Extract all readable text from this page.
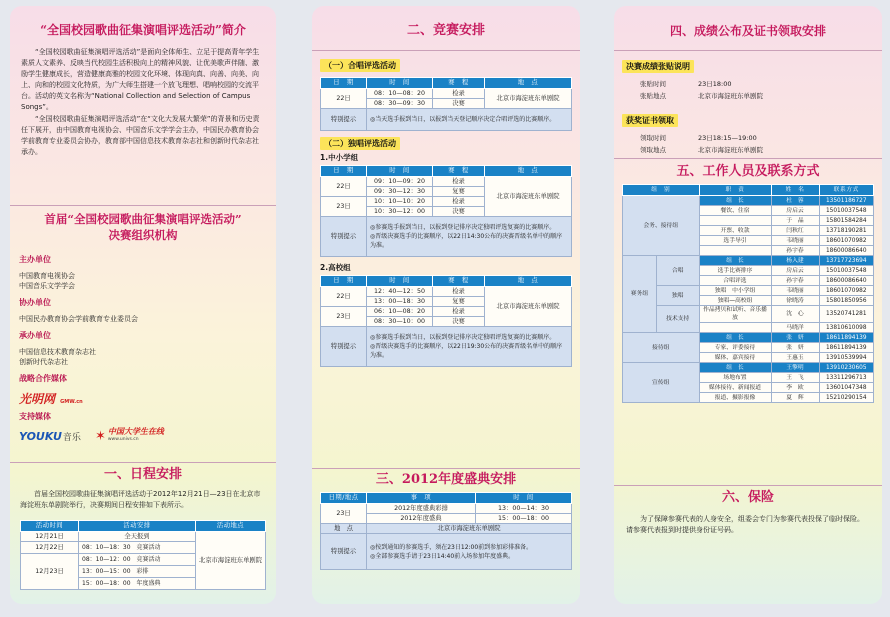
“全国校园歌曲征集演唱评选活动”简介
“全国校园歌曲征集演唱评选活动”是面向全体师生、立足于提高青年学生素质人文素养、反映当代校园生活积极向上的精神风貌、让优美歌声伴随、激励学生健康成长，营造健康高雅的校园文化环境、体现向真、向善、向美、向上、向和的校园文化特质，为广大师生搭建一个放飞理想、唱响校园的交流平台。活动的英文名称为“National Collection and Selection of Campus Songs”。
“全国校园歌曲征集演唱评选活动”在“文化大发展大繁荣”的背景和历史责任下展开，由中国教育电视协会、中国音乐文学学会主办，中国民办教育协会学前教育专业委员会协办，教育部中国信息技术教育杂志社和创新时代杂志社承办。
首届“全国校园歌曲征集演唱评选活动”
决赛组织机构
主办单位
中国教育电视协会
中国音乐文学学会
协办单位
中国民办教育协会学前教育专业委员会
承办单位
中国信息技术教育杂志社
创新时代杂志社
战略合作媒体
光明网 GMW.cn
支持媒体
YOUKU 音乐 ✶ 中国大学生在线
www.univs.cn
一、日程安排
首届全国校园歌曲征集演唱评选活动于2012年12月21日—23日在北京市海淀班东单剧院举行，决赛期间日程安排如下表所示。
活动时间	活动安排	活动地点
12月21日	全天报到	北京市海淀班东单剧院
12月22日	08：10—18：30　竞赛活动	
12月23日	08：10—12：00　竞赛活动	
	13：00—15：00　彩排	
	15：00—18：00　年度盛典	
二、竞赛安排
（一）合唱评选活动
日　期	时　间	赛　程	地　点
22日	08：10—08：20	检录	北京市海淀班东单剧院
	08：30—09：30	决赛	
特别提示	◎当天选手报到当日，以报到当天登记顺序决定合唱评选的比赛顺序。		
（二）独唱评选活动
1.中小学组
日　期	时　间	赛　程	地　点
22日	09：10—09：20	检录	北京市海淀班东单剧院
	09：30—12：30	复赛	
23日	10：10—10：20	检录	
	10：30—12：00	决赛	
特别提示	◎参赛选手报到当日，以报到登记排序决定独唱评选复赛的比赛顺序。
◎晋级决赛选手的比赛顺序，以22日14:30公布的决赛晋级名单中的顺序为准。		
2.高校组
日　期	时　间	赛　程	地　点
22日	12：40—12：50	检录	北京市海淀班东单剧院
	13：00—18：30	复赛	
23日	06：10—08：20	检录	
	08：30—10：00	决赛	
特别提示	◎参赛选手报到当日，以报到登记排序决定独唱评选复赛的比赛顺序。
◎晋级决赛选手的比赛顺序，以22日19:30公布的决赛晋级名单中的顺序为准。		
三、2012年度盛典安排
日期/地点	事　项	时　间
23日	2012年度盛典彩排	13：00—14：30
	2012年度盛典	15：00—18：00
地　点	北京市海淀班东单剧院	
特别提示	◎按到通知的参赛选手，须在23日12:00前到参加彩排准备。
◎全部参赛选手请于23日14:40前入场参加年度盛典。	
四、成绩公布及证书领取安排
决赛成绩张贴说明
张贴时间	23日18:00
张贴地点	北京市海淀班东单剧院
获奖证书领取
领取时间	23日18:15—19:00
领取地点	北京市海淀班东单剧院
五、工作人员及联系方式
组　别		职　责	姓　名	联系方式
会务、接待组		组　长	杜　蓉	13501186727
		餐饮、住宿	房启云	15010037548
			于　晶	15801584284
		开票、收款	闫秋红	13718190281
		选手导引	韦晓丽	18601070982
			孙宇春	18600086640
赛务组	合唱	组　长	杨入建	13717723694
		选手比赛排序	房启云	15010037548
		合唱评选	孙宇春	18600086640
	独唱	独唱　中小学组	韦晓丽	18601070982
		独唱—高校组	徐晓涛	15801850956
	技术支持	作品拷贝和试听、音乐播放	沈　心	13520741281
			马晓洋	13810610098
接待组		组　长	张　妍	18611894139
		专家、评委接待	张　妍	18611894139
		媒体、嘉宾接待	王惠玉	13910539994
宣传组		组　长	王擎明	13910230605
		场地布置	王　飞	13311296713
		媒体接待、新闻报道	李　欧	13601047348
		报道、摄影报像	夏　辉	15210290154
六、保险
为了保障参赛代表的人身安全，组委会专门为参赛代表投保了临时保险。请参赛代表报到时提供身份证号码。
